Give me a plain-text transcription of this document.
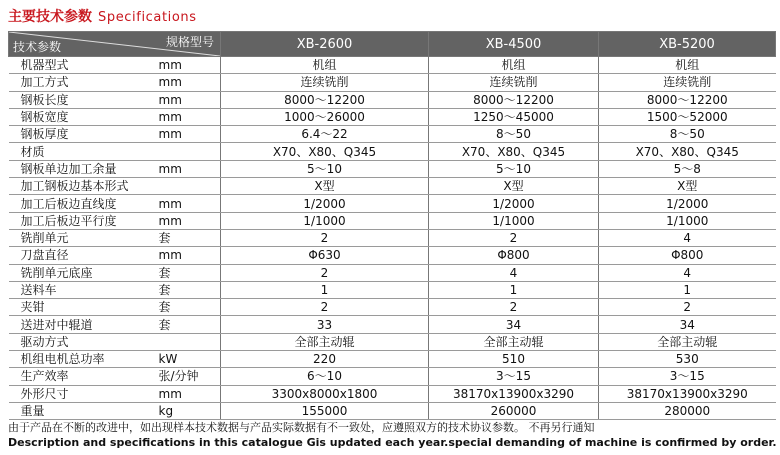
主要技术参数 Specifications
规格型号
技术参数		XB-2600	XB-4500	XB-5200
机器型式	mm	机组	机组	机组
加工方式	mm	连续铣削	连续铣削	连续铣削
钢板长度	mm	8000～12200	8000～12200	8000～12200
钢板宽度	mm	1000～26000	1250～45000	1500～52000
钢板厚度	mm	6.4～22	8～50	8～50
材质		X70、X80、Q345	X70、X80、Q345	X70、X80、Q345
钢板单边加工余量	mm	5～10	5～10	5～8
加工钢板边基本形式		X型	X型	X型
加工后板边直线度	mm	1/2000	1/2000	1/2000
加工后板边平行度	mm	1/1000	1/1000	1/1000
铣削单元	套	2	2	4
刀盘直径	mm	Φ630	Φ800	Φ800
铣削单元底座	套	2	4	4
送料车	套	1	1	1
夹钳	套	2	2	2
送进对中辊道	套	33	34	34
驱动方式		全部主动辊	全部主动辊	全部主动辊
机组电机总功率	kW	220	510	530
生产效率	张/分钟	6～10	3～15	3～15
外形尺寸	mm	3300x8000x1800	38170x13900x3290	38170x13900x3290
重量	kg	155000	260000	280000
由于产品在不断的改进中，如出现样本技术数据与产品实际数据有不一致处，应遵照双方的技术协议参数。 不再另行通知
Description and specifications in this catalogue Gis updated each year.special demanding of machine is confirmed by order.
